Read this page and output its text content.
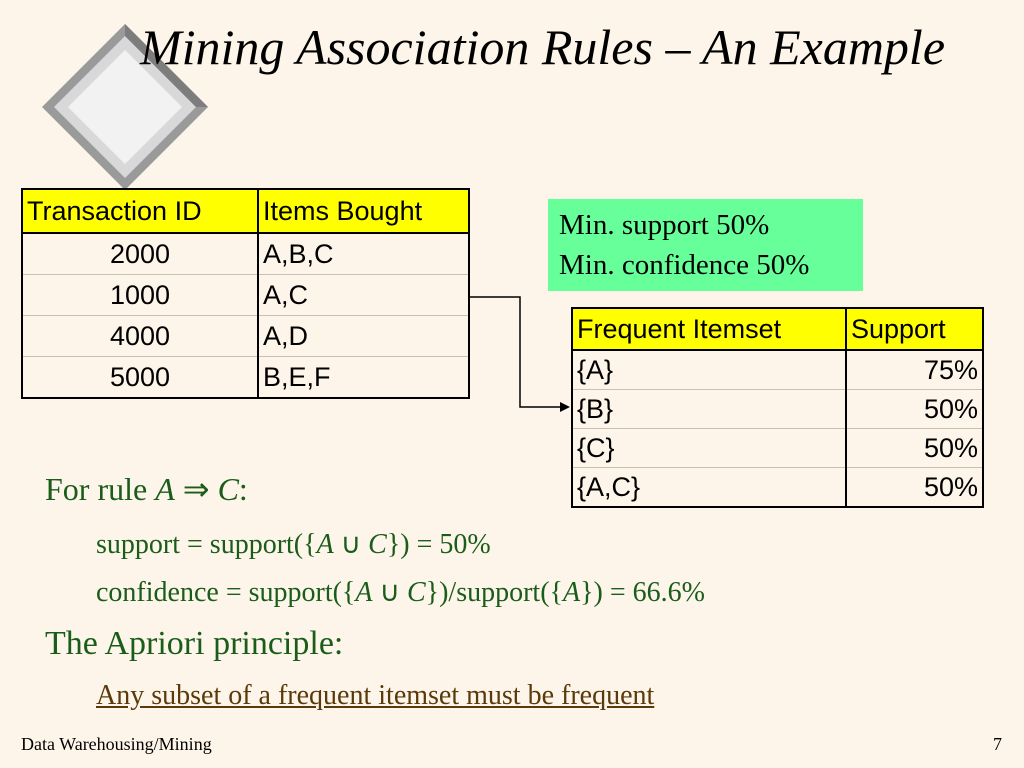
Mining Association Rules – An Example
Transaction ID	Items Bought
2000	A,B,C
1000	A,C
4000	A,D
5000	B,E,F
Min. support 50%
Min. confidence 50%
Frequent Itemset	Support
{A}	75%
{B}	50%
{C}	50%
{A,C}	50%
For rule A ⇒ C:
support = support({A ∪ C}) = 50%
confidence = support({A ∪ C})/support({A}) = 66.6%
The Apriori principle:
Any subset of a frequent itemset must be frequent
Data Warehousing/Mining	7
